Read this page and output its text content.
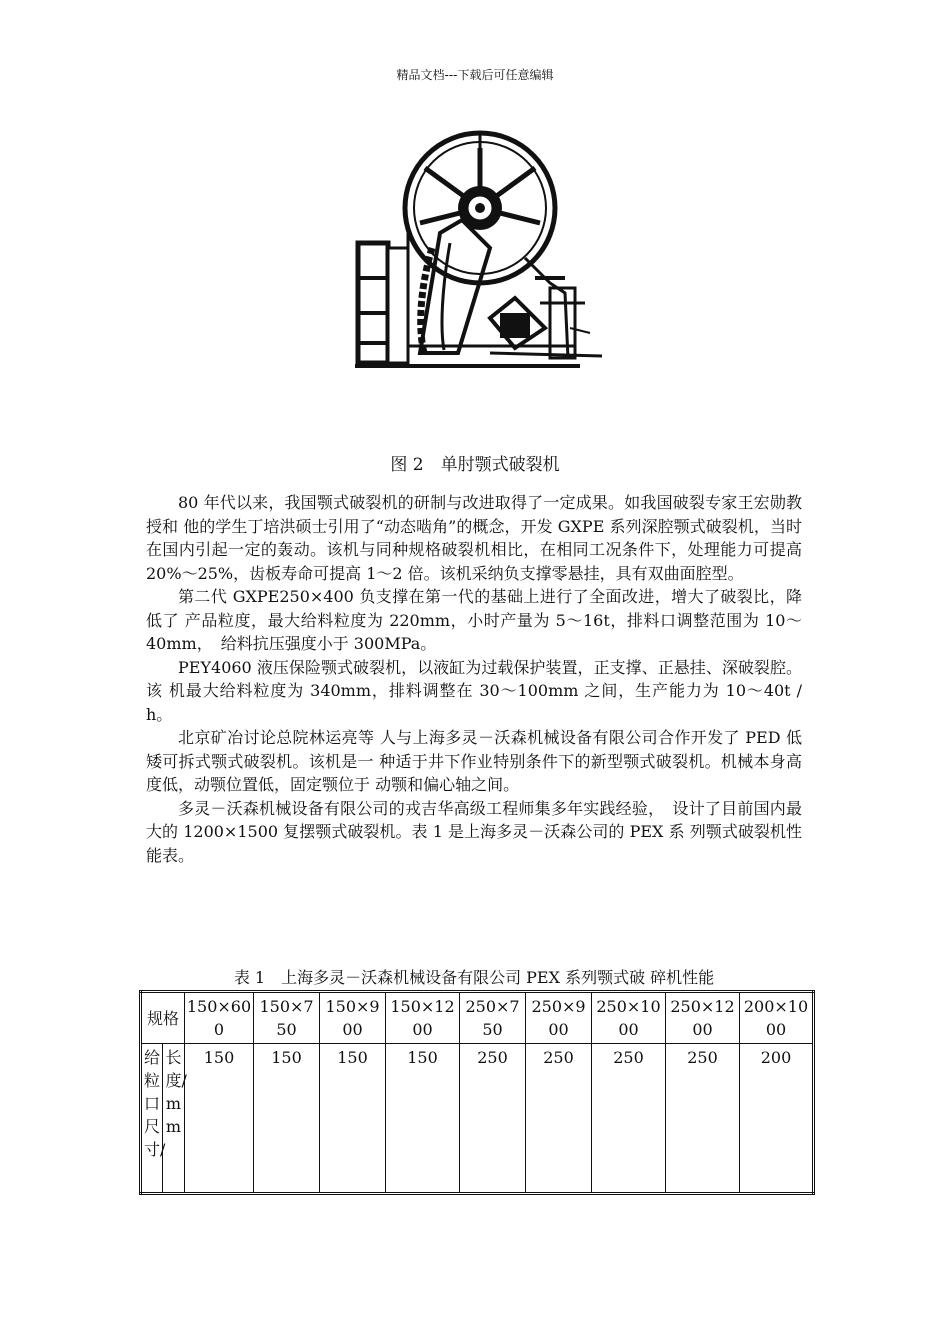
精品文档---下载后可任意编辑
图 2　单肘颚式破裂机

80 年代以来，我国颚式破裂机的研制与改进取得了一定成果。如我国破裂专家王宏勋教授和 他的学生丁培洪硕士引用了“动态啮角”的概念，开发 GXPE 系列深腔颚式破裂机，当时 在国内引起一定的轰动。该机与同种规格破裂机相比，在相同工况条件下，处理能力可提高 20%～25%，齿板寿命可提高 1～2 倍。该机采纳负支撑零悬挂，具有双曲面腔型。

第二代 GXPE250×400 负支撑在第一代的基础上进行了全面改进，增大了破裂比，降低了 产品粒度，最大给料粒度为 220mm，小时产量为 5～16t，排料口调整范围为 10～40mm，　给料抗压强度小于 300MPa。

PEY4060 液压保险颚式破裂机，以液缸为过载保护装置，正支撑、正悬挂、深破裂腔。该 机最大给料粒度为 340mm，排料调整在 30～100mm 之间，生产能力为 10～40t / h。

北京矿冶讨论总院林运亮等 人与上海多灵－沃森机械设备有限公司合作开发了 PED 低矮可拆式颚式破裂机。该机是一 种适于井下作业特别条件下的新型颚式破裂机。机械本身高度低，动颚位置低，固定颚位于 动颚和偏心轴之间。

多灵－沃森机械设备有限公司的戎吉华高级工程师集多年实践经验，　设计了目前国内最大的 1200×1500 复摆颚式破裂机。表 1 是上海多灵－沃森公司的 PEX 系 列颚式破裂机性能表。

表 1　上海多灵－沃森机械设备有限公司 PEX 系列颚式破 碎机性能
规格		150×600	150×750	150×900	150×1200	250×750	250×900	250×1000	250×1200	200×1000

给粒口尺寸/	长度/mm	150	150	150	150	250	250	250	250	200
